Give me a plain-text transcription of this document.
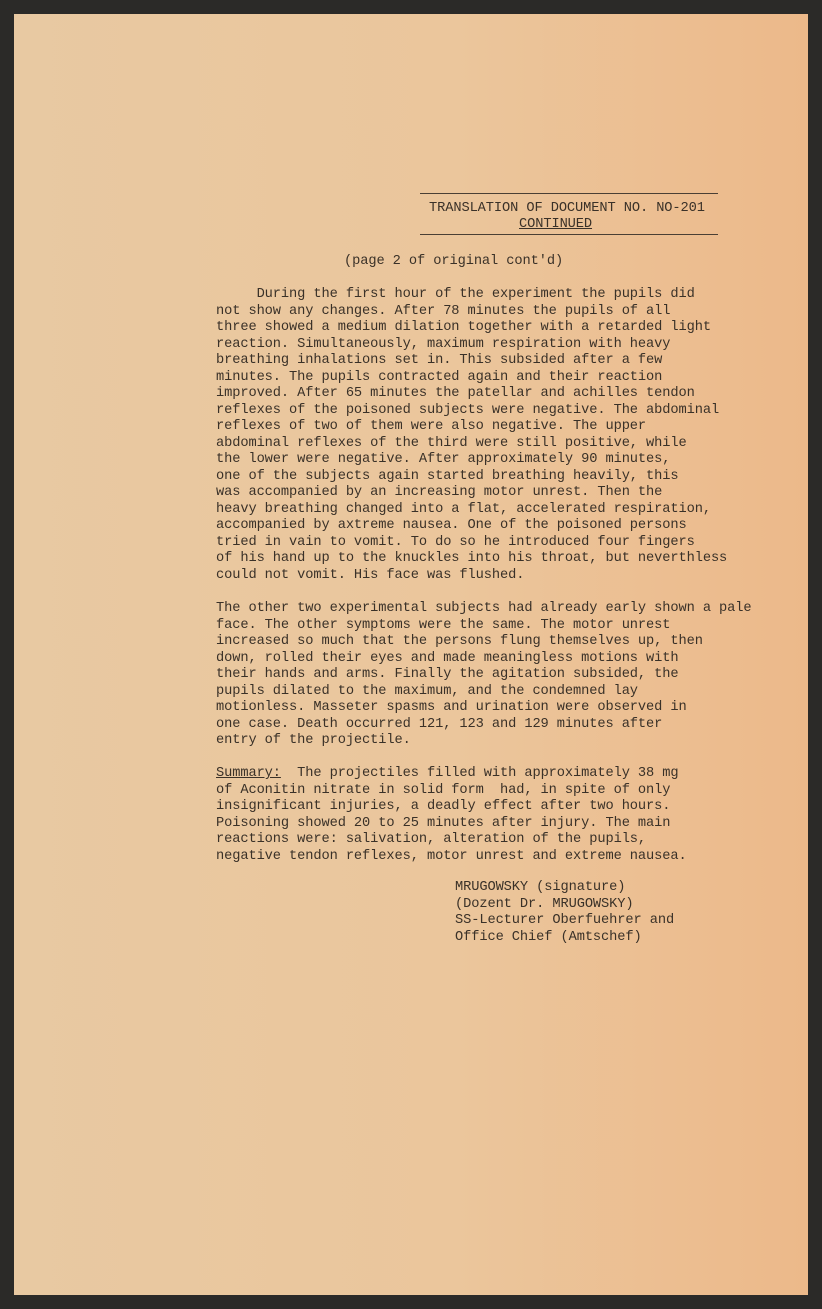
TRANSLATION OF DOCUMENT NO. NO-201
CONTINUED
(page 2 of original cont'd)
During the first hour of the experiment the pupils did
not show any changes. After 78 minutes the pupils of all
three showed a medium dilation together with a retarded light
reaction. Simultaneously, maximum respiration with heavy
breathing inhalations set in. This subsided after a few
minutes. The pupils contracted again and their reaction
improved. After 65 minutes the patellar and achilles tendon
reflexes of the poisoned subjects were negative. The abdominal
reflexes of two of them were also negative. The upper
abdominal reflexes of the third were still positive, while
the lower were negative. After approximately 90 minutes,
one of the subjects again started breathing heavily, this
was accompanied by an increasing motor unrest. Then the
heavy breathing changed into a flat, accelerated respiration,
accompanied by axtreme nausea. One of the poisoned persons
tried in vain to vomit. To do so he introduced four fingers
of his hand up to the knuckles into his throat, but neverthless
could not vomit. His face was flushed.
The other two experimental subjects had already early shown a pale
face. The other symptoms were the same. The motor unrest
increased so much that the persons flung themselves up, then
down, rolled their eyes and made meaningless motions with
their hands and arms. Finally the agitation subsided, the
pupils dilated to the maximum, and the condemned lay
motionless. Masseter spasms and urination were observed in
one case. Death occurred 121, 123 and 129 minutes after
entry of the projectile.
Summary:  The projectiles filled with approximately 38 mg
of Aconitin nitrate in solid form  had, in spite of only
insignificant injuries, a deadly effect after two hours.
Poisoning showed 20 to 25 minutes after injury. The main
reactions were: salivation, alteration of the pupils,
negative tendon reflexes, motor unrest and extreme nausea.
MRUGOWSKY (signature)
(Dozent Dr. MRUGOWSKY)
SS-Lecturer Oberfuehrer and
Office Chief (Amtschef)
